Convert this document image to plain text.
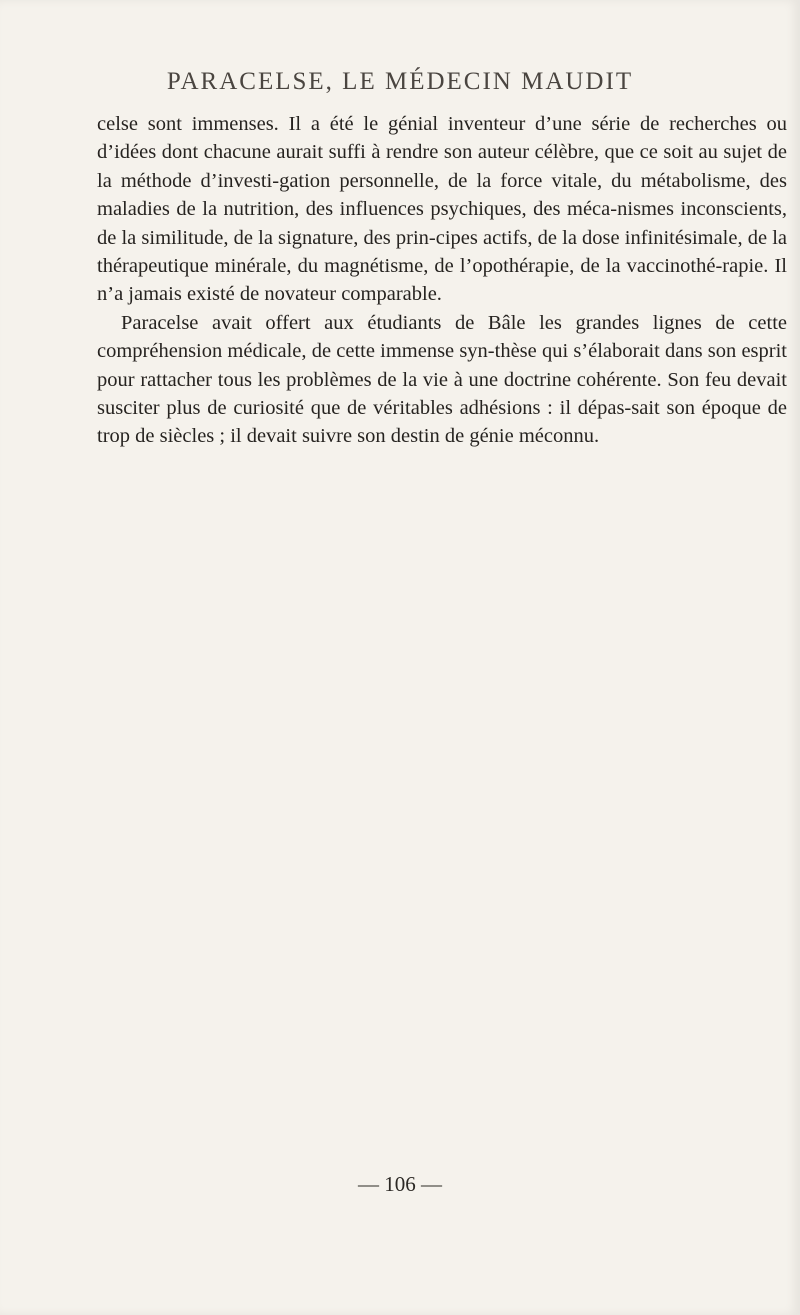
PARACELSE, LE MÉDECIN MAUDIT

celse sont immenses. Il a été le génial inventeur d’une série de recherches ou d’idées dont chacune aurait suffi à rendre son auteur célèbre, que ce soit au sujet de la méthode d’investi-gation personnelle, de la force vitale, du métabolisme, des maladies de la nutrition, des influences psychiques, des méca-nismes inconscients, de la similitude, de la signature, des prin-cipes actifs, de la dose infinitésimale, de la thérapeutique minérale, du magnétisme, de l’opothérapie, de la vaccinothé-rapie. Il n’a jamais existé de novateur comparable.

Paracelse avait offert aux étudiants de Bâle les grandes lignes de cette compréhension médicale, de cette immense syn-thèse qui s’élaborait dans son esprit pour rattacher tous les problèmes de la vie à une doctrine cohérente. Son feu devait susciter plus de curiosité que de véritables adhésions : il dépas-sait son époque de trop de siècles ; il devait suivre son destin de génie méconnu.

— 106 —
